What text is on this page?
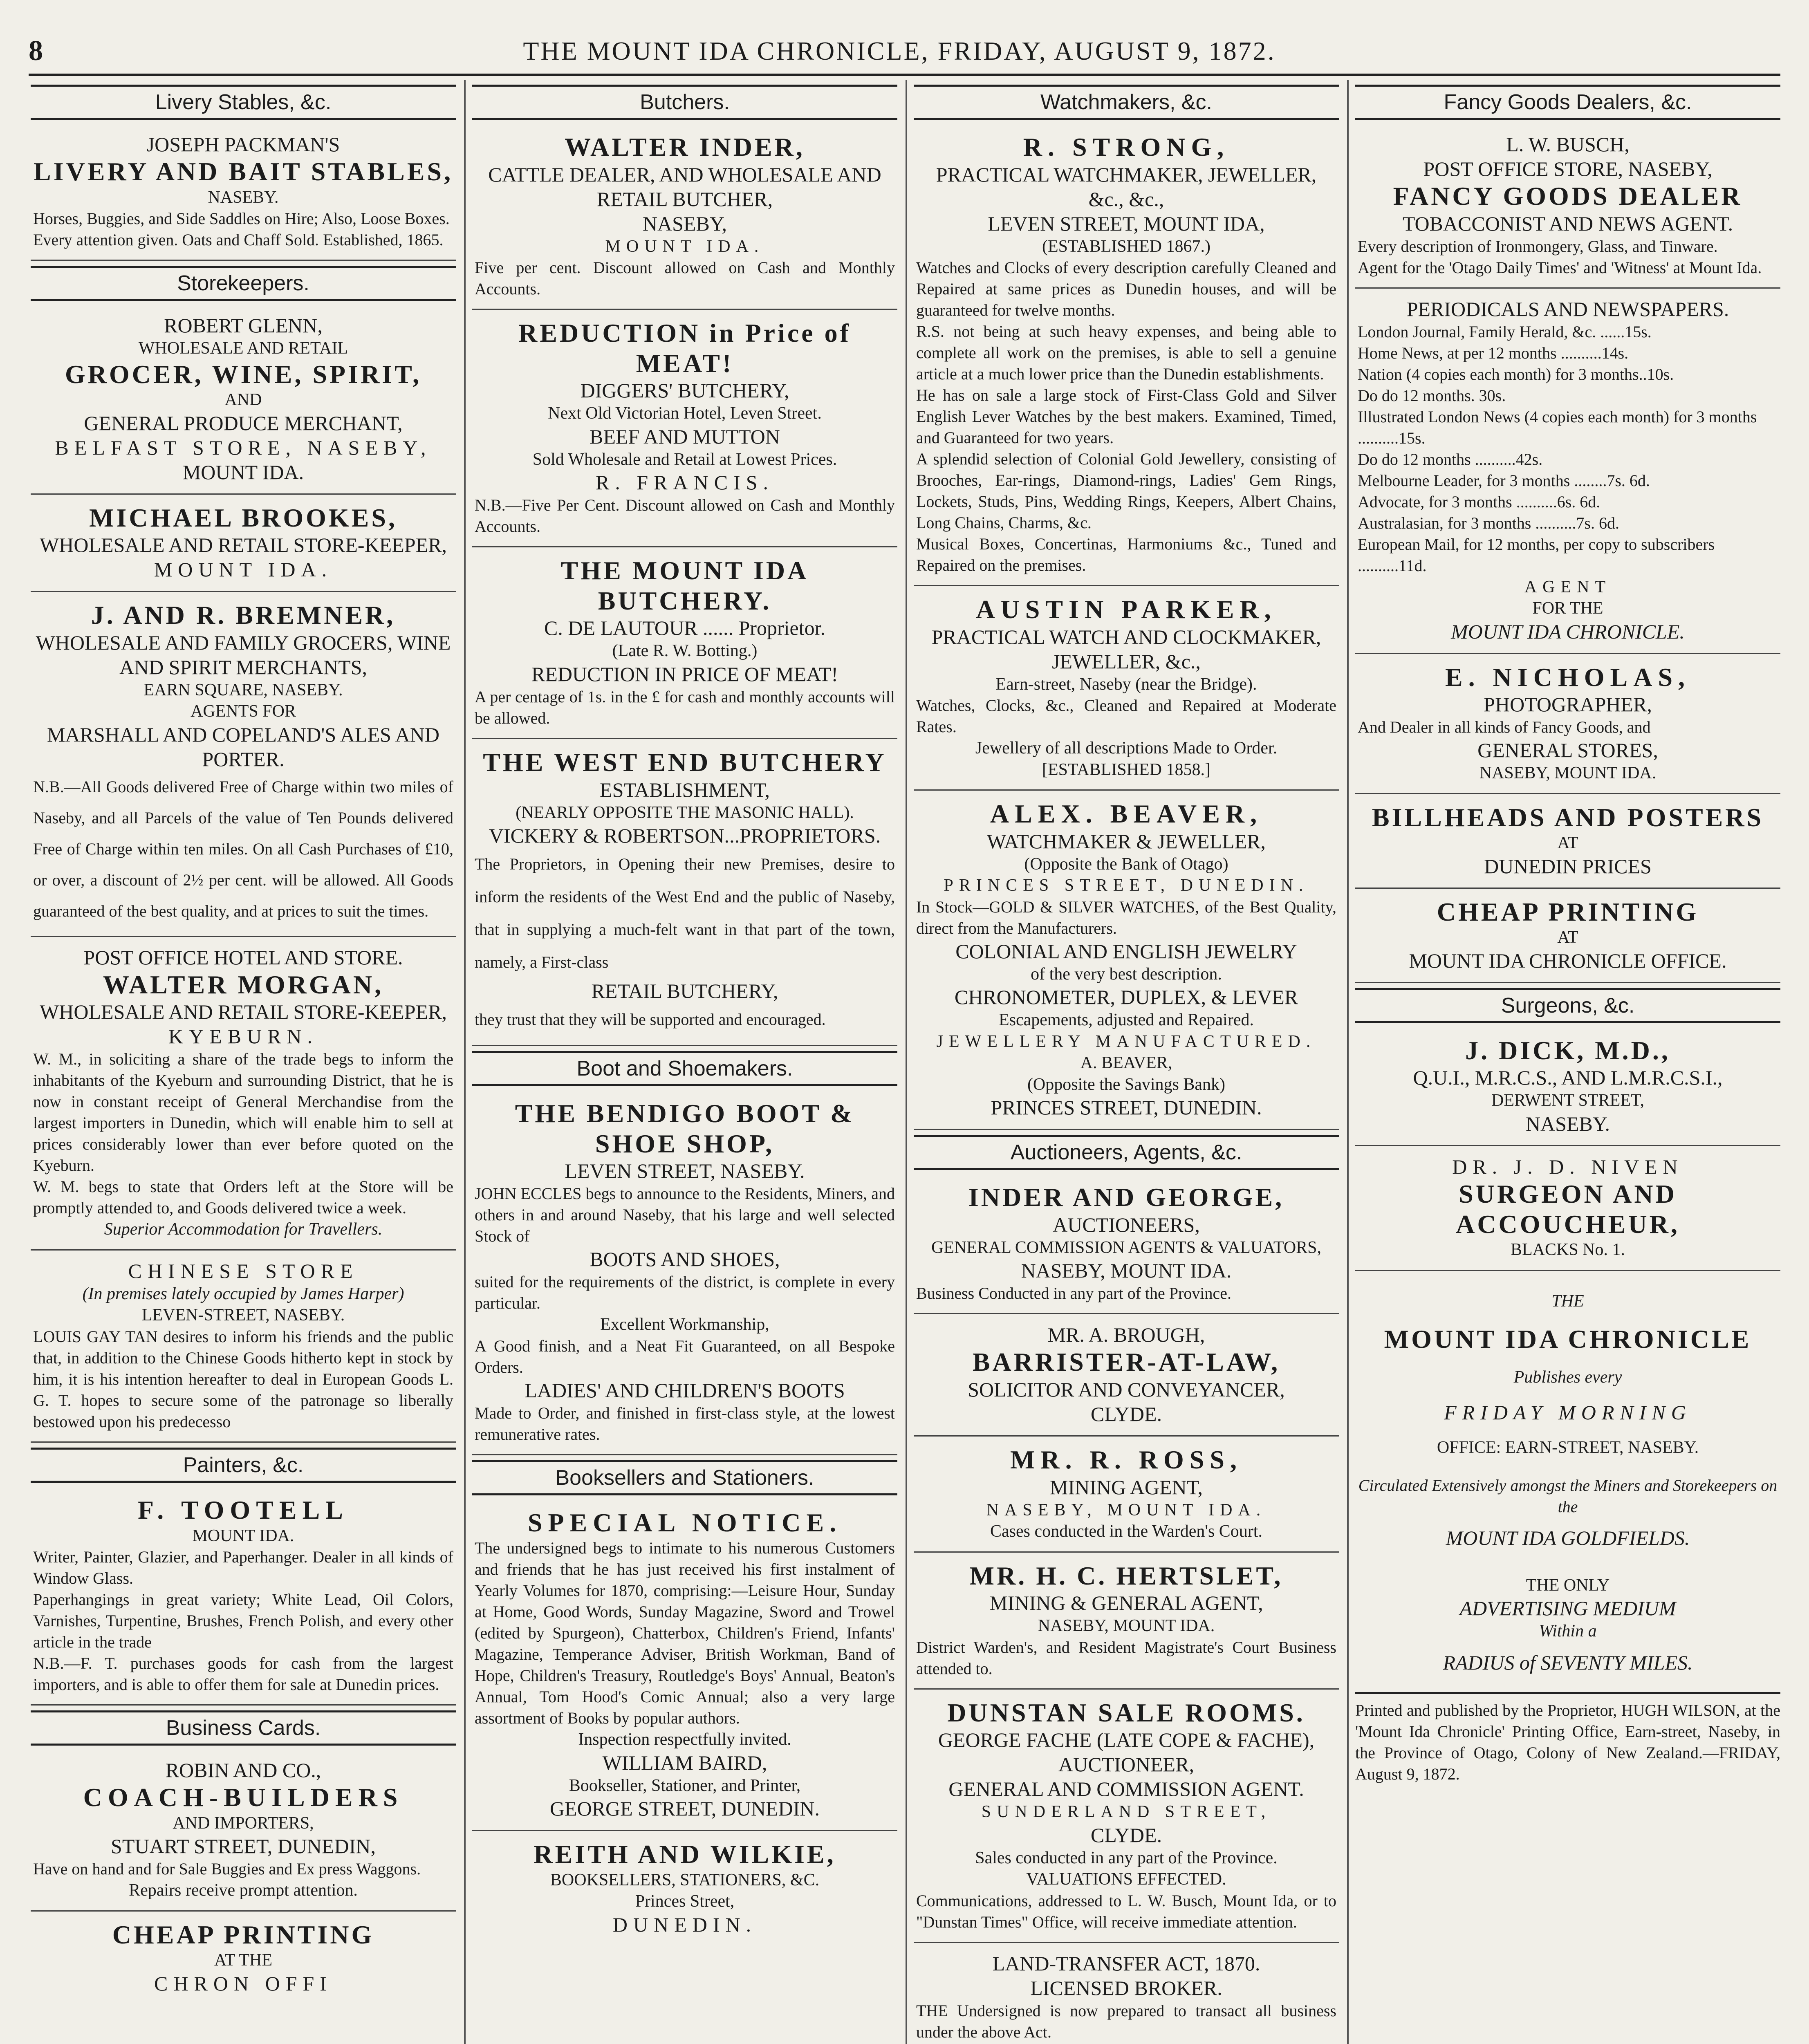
8	THE MOUNT IDA CHRONICLE, FRIDAY, AUGUST 9, 1872.
Livery Stables, &c.
JOSEPH PACKMAN'S
LIVERY AND BAIT STABLES,
NASEBY.
Horses, Buggies, and Side Saddles on Hire; Also, Loose Boxes.
Every attention given. Oats and Chaff Sold. Established, 1865.
Storekeepers.
ROBERT GLENN,
WHOLESALE AND RETAIL
GROCER, WINE, SPIRIT,
AND
GENERAL PRODUCE MERCHANT,
BELFAST STORE, NASEBY,
MOUNT IDA.
MICHAEL BROOKES,
WHOLESALE AND RETAIL STORE-KEEPER,
MOUNT IDA.
J. AND R. BREMNER,
WHOLESALE AND FAMILY GROCERS, WINE AND SPIRIT MERCHANTS,
EARN SQUARE, NASEBY.
AGENTS FOR
MARSHALL AND COPELAND'S ALES AND PORTER.
N.B.—All Goods delivered Free of Charge within two miles of Naseby, and all Parcels of the value of Ten Pounds delivered Free of Charge within ten miles. On all Cash Purchases of £10, or over, a discount of 2½ per cent. will be allowed. All Goods guaranteed of the best quality, and at prices to suit the times.
POST OFFICE HOTEL AND STORE.
WALTER MORGAN,
WHOLESALE AND RETAIL STORE-KEEPER,
KYEBURN.
W. M., in soliciting a share of the trade begs to inform the inhabitants of the Kyeburn and surrounding District, that he is now in constant receipt of General Merchandise from the largest importers in Dunedin, which will enable him to sell at prices considerably lower than ever before quoted on the Kyeburn.
W. M. begs to state that Orders left at the Store will be promptly attended to, and Goods delivered twice a week.
Superior Accommodation for Travellers.
CHINESE STORE
(In premises lately occupied by James Harper)
LEVEN-STREET, NASEBY.
LOUIS GAY TAN desires to inform his friends and the public that, in addition to the Chinese Goods hitherto kept in stock by him, it is his intention hereafter to deal in European Goods L. G. T. hopes to secure some of the patronage so liberally bestowed upon his predecesso
Painters, &c.
F. TOOTELL
MOUNT IDA.
Writer, Painter, Glazier, and Paperhanger. Dealer in all kinds of Window Glass.
Paperhangings in great variety; White Lead, Oil Colors, Varnishes, Turpentine, Brushes, French Polish, and every other article in the trade
N.B.—F. T. purchases goods for cash from the largest importers, and is able to offer them for sale at Dunedin prices.
Business Cards.
ROBIN AND CO.,
COACH-BUILDERS
AND IMPORTERS,
STUART STREET, DUNEDIN,
Have on hand and for Sale Buggies and Ex press Waggons.
Repairs receive prompt attention.
CHEAP PRINTING
AT THE
CHRON OFFI
Butchers.
WALTER INDER,
CATTLE DEALER, AND WHOLESALE AND RETAIL BUTCHER,
NASEBY,
MOUNT IDA.
Five per cent. Discount allowed on Cash and Monthly Accounts.
REDUCTION in Price of MEAT!
DIGGERS' BUTCHERY,
Next Old Victorian Hotel, Leven Street.
BEEF AND MUTTON
Sold Wholesale and Retail at Lowest Prices.
R. FRANCIS.
N.B.—Five Per Cent. Discount allowed on Cash and Monthly Accounts.
THE MOUNT IDA BUTCHERY.
C. DE LAUTOUR ...... Proprietor.
(Late R. W. Botting.)
REDUCTION IN PRICE OF MEAT!
A per centage of 1s. in the £ for cash and monthly accounts will be allowed.
THE WEST END BUTCHERY
ESTABLISHMENT,
(NEARLY OPPOSITE THE MASONIC HALL).
VICKERY & ROBERTSON...PROPRIETORS.
The Proprietors, in Opening their new Premises, desire to inform the residents of the West End and the public of Naseby, that in supplying a much-felt want in that part of the town, namely, a First-class
RETAIL BUTCHERY,
they trust that they will be supported and encouraged.
Boot and Shoemakers.
THE BENDIGO BOOT & SHOE SHOP,
LEVEN STREET, NASEBY.
JOHN ECCLES begs to announce to the Residents, Miners, and others in and around Naseby, that his large and well selected Stock of
BOOTS AND SHOES,
suited for the requirements of the district, is complete in every particular.
Excellent Workmanship,
A Good finish, and a Neat Fit Guaranteed, on all Bespoke Orders.
LADIES' AND CHILDREN'S BOOTS
Made to Order, and finished in first-class style, at the lowest remunerative rates.
Booksellers and Stationers.
SPECIAL NOTICE.
The undersigned begs to intimate to his numerous Customers and friends that he has just received his first instalment of Yearly Volumes for 1870, comprising:—Leisure Hour, Sunday at Home, Good Words, Sunday Magazine, Sword and Trowel (edited by Spurgeon), Chatterbox, Children's Friend, Infants' Magazine, Temperance Adviser, British Workman, Band of Hope, Children's Treasury, Routledge's Boys' Annual, Beaton's Annual, Tom Hood's Comic Annual; also a very large assortment of Books by popular authors.
Inspection respectfully invited.
WILLIAM BAIRD,
Bookseller, Stationer, and Printer,
GEORGE STREET, DUNEDIN.
REITH AND WILKIE,
BOOKSELLERS, STATIONERS, &C.
Princes Street,
DUNEDIN.
Watchmakers, &c.
R. STRONG,
PRACTICAL WATCHMAKER, JEWELLER, &c., &c.,
LEVEN STREET, MOUNT IDA,
(ESTABLISHED 1867.)
Watches and Clocks of every description carefully Cleaned and Repaired at same prices as Dunedin houses, and will be guaranteed for twelve months.
R.S. not being at such heavy expenses, and being able to complete all work on the premises, is able to sell a genuine article at a much lower price than the Dunedin establishments.
He has on sale a large stock of First-Class Gold and Silver English Lever Watches by the best makers. Examined, Timed, and Guaranteed for two years.
A splendid selection of Colonial Gold Jewellery, consisting of Brooches, Ear-rings, Diamond-rings, Ladies' Gem Rings, Lockets, Studs, Pins, Wedding Rings, Keepers, Albert Chains, Long Chains, Charms, &c.
Musical Boxes, Concertinas, Harmoniums &c., Tuned and Repaired on the premises.
AUSTIN PARKER,
PRACTICAL WATCH AND CLOCKMAKER, JEWELLER, &c.,
Earn-street, Naseby (near the Bridge).
Watches, Clocks, &c., Cleaned and Repaired at Moderate Rates.
Jewellery of all descriptions Made to Order.
[ESTABLISHED 1858.]
ALEX. BEAVER,
WATCHMAKER & JEWELLER,
(Opposite the Bank of Otago)
PRINCES STREET, DUNEDIN.
In Stock—GOLD & SILVER WATCHES, of the Best Quality, direct from the Manufacturers.
COLONIAL AND ENGLISH JEWELRY
of the very best description.
CHRONOMETER, DUPLEX, & LEVER
Escapements, adjusted and Repaired.
JEWELLERY MANUFACTURED.
A. BEAVER,
(Opposite the Savings Bank)
PRINCES STREET, DUNEDIN.
Auctioneers, Agents, &c.
INDER AND GEORGE,
AUCTIONEERS,
GENERAL COMMISSION AGENTS & VALUATORS,
NASEBY, MOUNT IDA.
Business Conducted in any part of the Province.
MR. A. BROUGH,
BARRISTER-AT-LAW,
SOLICITOR AND CONVEYANCER,
CLYDE.
MR. R. ROSS,
MINING AGENT,
NASEBY, MOUNT IDA.
Cases conducted in the Warden's Court.
MR. H. C. HERTSLET,
MINING & GENERAL AGENT,
NASEBY, MOUNT IDA.
District Warden's, and Resident Magistrate's Court Business attended to.
DUNSTAN SALE ROOMS.
GEORGE FACHE (LATE COPE & FACHE),
AUCTIONEER,
GENERAL AND COMMISSION AGENT.
SUNDERLAND STREET,
CLYDE.
Sales conducted in any part of the Province.
VALUATIONS EFFECTED.
Communications, addressed to L. W. Busch, Mount Ida, or to "Dunstan Times" Office, will receive immediate attention.
LAND-TRANSFER ACT, 1870.
LICENSED BROKER.
THE Undersigned is now prepared to transact all business under the above Act.
Fancy Goods Dealers, &c.
L. W. BUSCH,
POST OFFICE STORE, NASEBY,
FANCY GOODS DEALER
TOBACCONIST AND NEWS AGENT.
Every description of Ironmongery, Glass, and Tinware.
Agent for the 'Otago Daily Times' and 'Witness' at Mount Ida.
PERIODICALS AND NEWSPAPERS.
London Journal, Family Herald, &c. ......15s.
Home News, at per 12 months ..........14s.
Nation (4 copies each month) for 3 months..10s.
Do do 12 months. 30s.
Illustrated London News (4 copies each month) for 3 months ..........15s.
Do do 12 months ..........42s.
Melbourne Leader, for 3 months ........7s. 6d.
Advocate, for 3 months ..........6s. 6d.
Australasian, for 3 months ..........7s. 6d.
European Mail, for 12 months, per copy to subscribers ..........11d.
AGENT
FOR THE
MOUNT IDA CHRONICLE.
E. NICHOLAS,
PHOTOGRAPHER,
And Dealer in all kinds of Fancy Goods, and
GENERAL STORES,
NASEBY, MOUNT IDA.
BILLHEADS AND POSTERS
AT
DUNEDIN PRICES
CHEAP PRINTING
AT
MOUNT IDA CHRONICLE OFFICE.
Surgeons, &c.
J. DICK, M.D.,
Q.U.I., M.R.C.S., AND L.M.R.C.S.I.,
DERWENT STREET,
NASEBY.
DR. J. D. NIVEN
SURGEON AND ACCOUCHEUR,
BLACKS No. 1.
THE
MOUNT IDA CHRONICLE
Publishes every
FRIDAY MORNING
OFFICE: EARN-STREET, NASEBY.
Circulated Extensively amongst the Miners and Storekeepers on the
MOUNT IDA GOLDFIELDS.
THE ONLY
ADVERTISING MEDIUM
Within a
RADIUS of SEVENTY MILES.
Printed and published by the Proprietor, HUGH WILSON, at the 'Mount Ida Chronicle' Printing Office, Earn-street, Naseby, in the Province of Otago, Colony of New Zealand.—FRIDAY, August 9, 1872.
